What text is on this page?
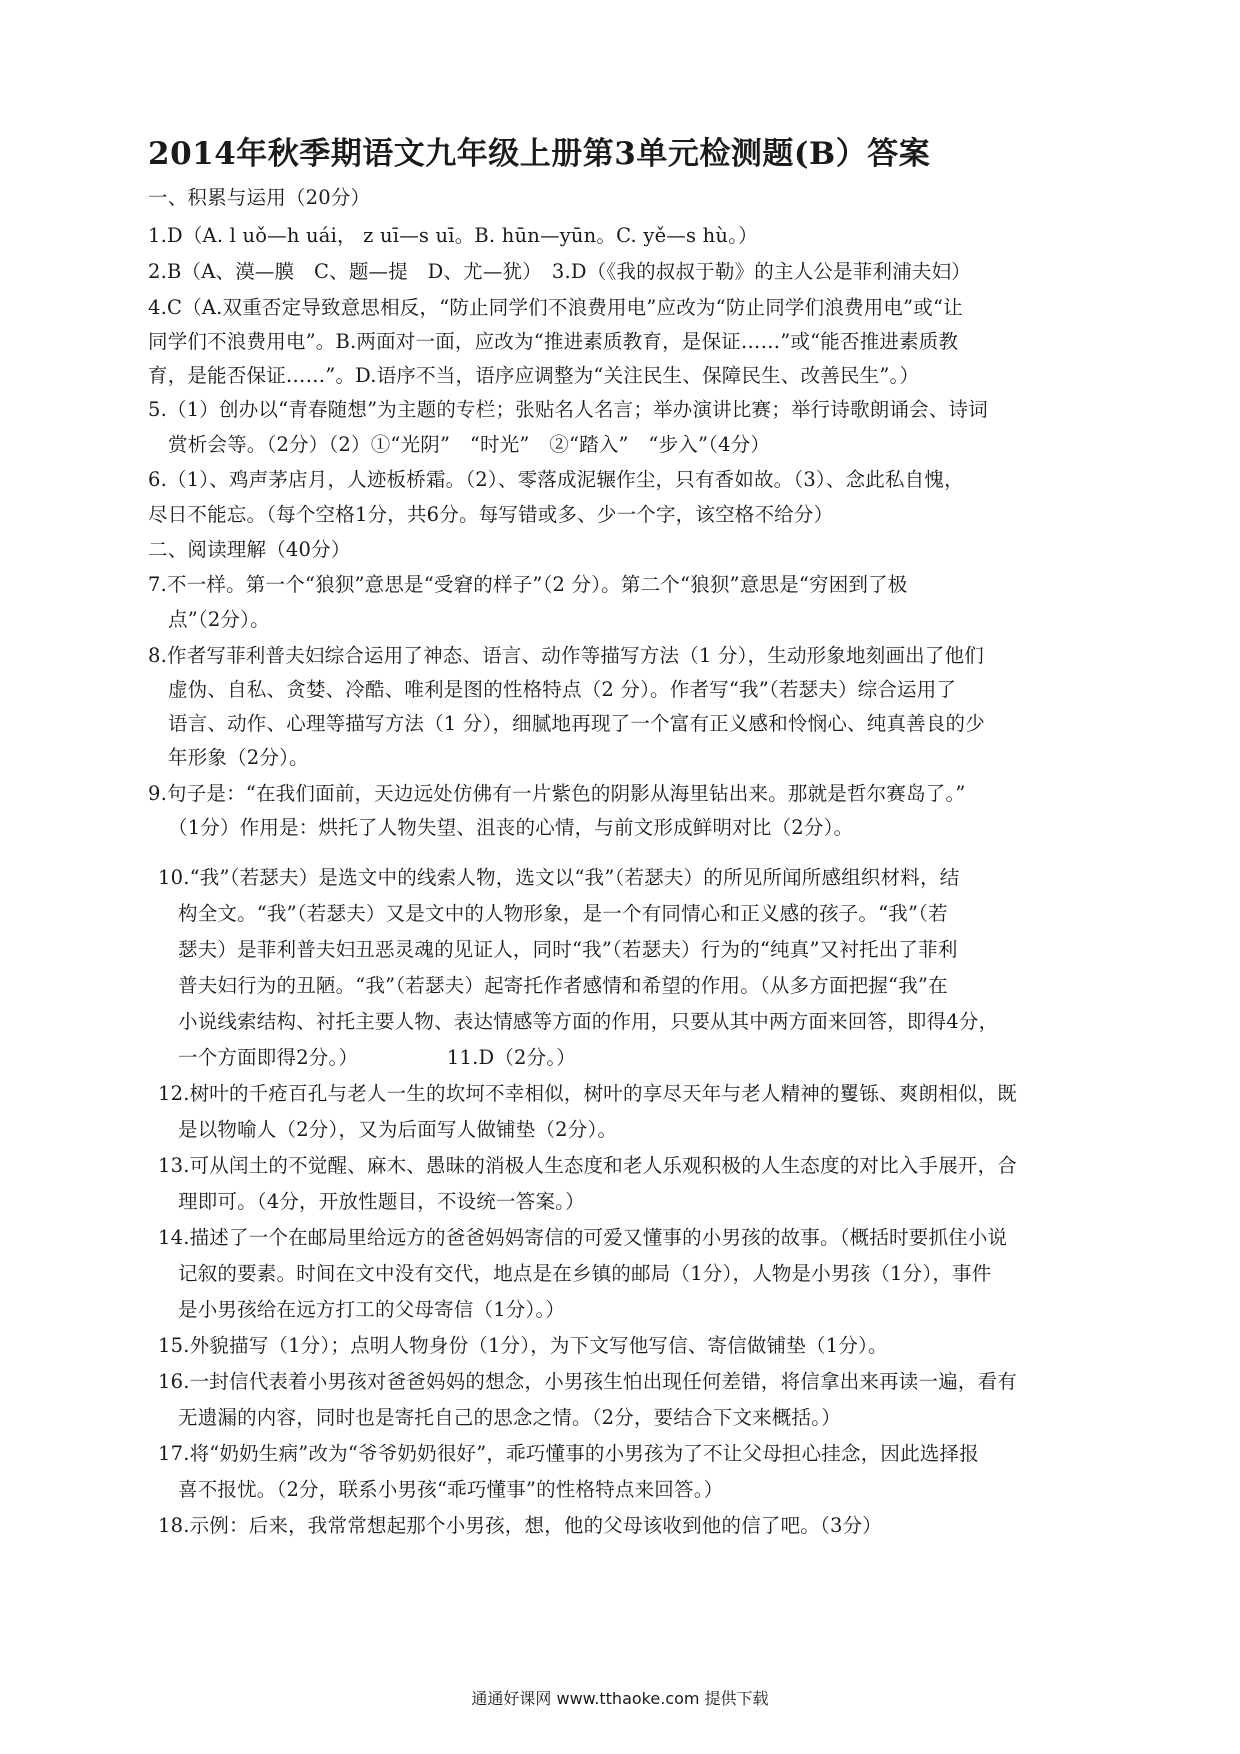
2014年秋季期语文九年级上册第3单元检测题(B）答案
一、积累与运用（20分）
1.D（A. l uǒ—h uái， z uī—s uī。B. hūn—yūn。C. yě—s hù。）
2.B（A、漠—膜　C、题—提　D、尤—犹）　3.D（《我的叔叔于勒》的主人公是菲利浦夫妇）
4.C（A.双重否定导致意思相反，“防止同学们不浪费用电”应改为“防止同学们浪费用电”或“让
同学们不浪费用电”。B.两面对一面，应改为“推进素质教育，是保证……”或“能否推进素质教
育，是能否保证……”。D.语序不当，语序应调整为“关注民生、保障民生、改善民生”。）
5.（1）创办以“青春随想”为主题的专栏；张贴名人名言；举办演讲比赛；举行诗歌朗诵会、诗词
赏析会等。（2分）（2）①“光阴”　“时光”　②“踏入”　“步入”（4分）
6.（1）、鸡声茅店月，人迹板桥霜。（2）、零落成泥辗作尘，只有香如故。（3）、念此私自愧，
尽日不能忘。（每个空格1分，共6分。每写错或多、少一个字，该空格不给分）
二、阅读理解（40分）
7.不一样。第一个“狼狈”意思是“受窘的样子”（2 分）。第二个“狼狈”意思是“穷困到了极
点”（2分）。
8.作者写菲利普夫妇综合运用了神态、语言、动作等描写方法（1 分），生动形象地刻画出了他们
虚伪、自私、贪婪、冷酷、唯利是图的性格特点（2 分）。作者写“我”（若瑟夫）综合运用了
语言、动作、心理等描写方法（1 分），细腻地再现了一个富有正义感和怜悯心、纯真善良的少
年形象（2分）。
9.句子是：“在我们面前，天边远处仿佛有一片紫色的阴影从海里钻出来。那就是哲尔赛岛了。”
（1分）作用是：烘托了人物失望、沮丧的心情，与前文形成鲜明对比（2分）。
10.“我”（若瑟夫）是选文中的线索人物，选文以“我”（若瑟夫）的所见所闻所感组织材料，结
构全文。“我”（若瑟夫）又是文中的人物形象，是一个有同情心和正义感的孩子。“我”（若
瑟夫）是菲利普夫妇丑恶灵魂的见证人，同时“我”（若瑟夫）行为的“纯真”又衬托出了菲利
普夫妇行为的丑陋。“我”（若瑟夫）起寄托作者感情和希望的作用。（从多方面把握“我”在
小说线索结构、衬托主要人物、表达情感等方面的作用，只要从其中两方面来回答，即得4分，
一个方面即得2分。）　　　　　11.D（2分。）
12.树叶的千疮百孔与老人一生的坎坷不幸相似，树叶的享尽天年与老人精神的矍铄、爽朗相似，既
是以物喻人（2分），又为后面写人做铺垫（2分）。
13.可从闰土的不觉醒、麻木、愚昧的消极人生态度和老人乐观积极的人生态度的对比入手展开，合
理即可。（4分，开放性题目，不设统一答案。）
14.描述了一个在邮局里给远方的爸爸妈妈寄信的可爱又懂事的小男孩的故事。（概括时要抓住小说
记叙的要素。时间在文中没有交代，地点是在乡镇的邮局（1分），人物是小男孩（1分），事件
是小男孩给在远方打工的父母寄信（1分）。）
15.外貌描写（1分）；点明人物身份（1分），为下文写他写信、寄信做铺垫（1分）。
16.一封信代表着小男孩对爸爸妈妈的想念，小男孩生怕出现任何差错，将信拿出来再读一遍，看有
无遗漏的内容，同时也是寄托自己的思念之情。（2分，要结合下文来概括。）
17.将“奶奶生病”改为“爷爷奶奶很好”，乖巧懂事的小男孩为了不让父母担心挂念，因此选择报
喜不报忧。（2分，联系小男孩“乖巧懂事”的性格特点来回答。）
18.示例：后来，我常常想起那个小男孩，想，他的父母该收到他的信了吧。（3分）
通通好课网 www.tthaoke.com 提供下载
